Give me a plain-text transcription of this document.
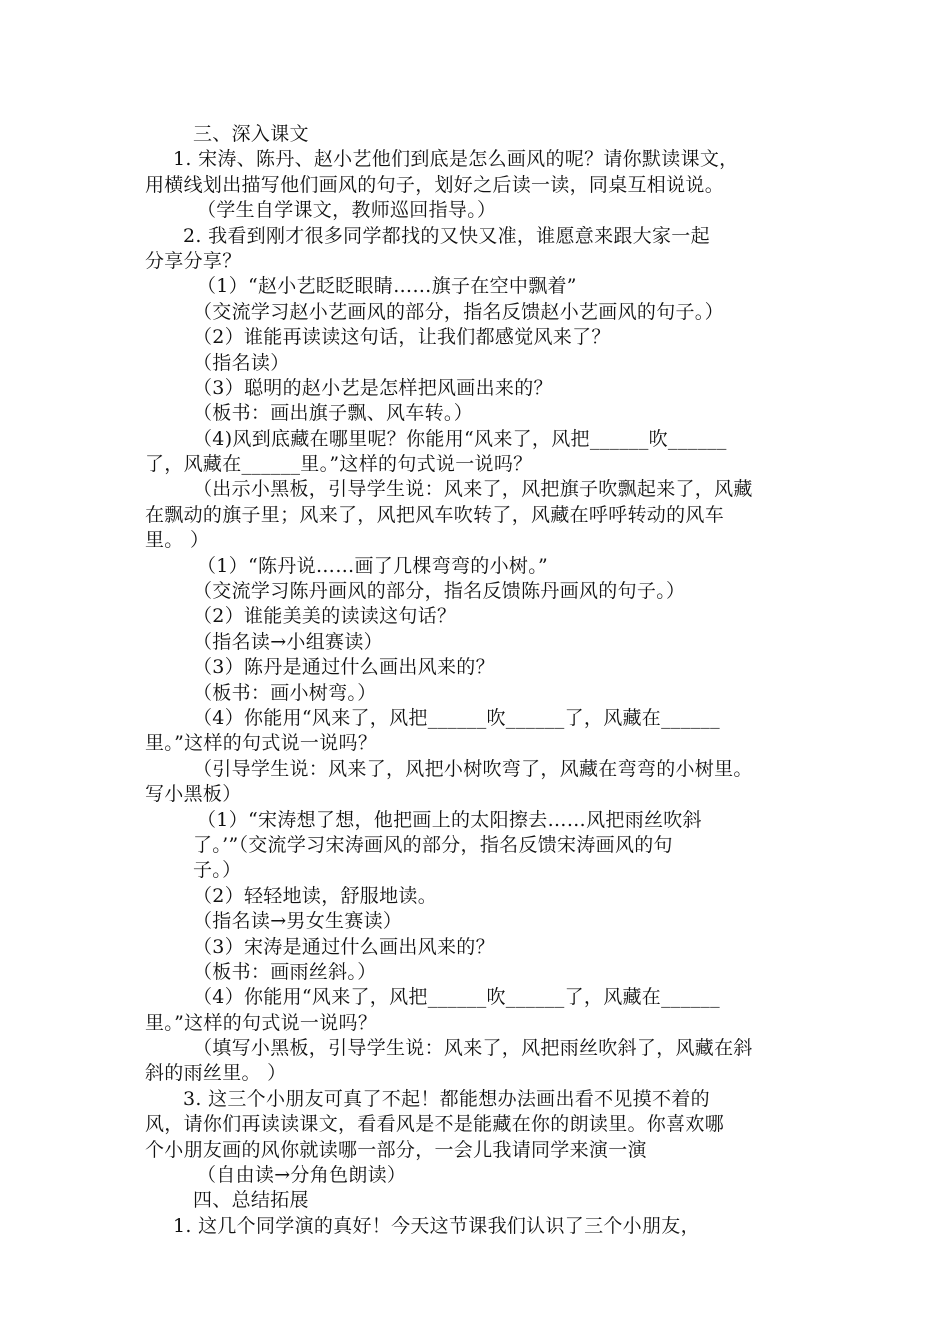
三、深入课文
1. 宋涛、陈丹、赵小艺他们到底是怎么画风的呢？请你默读课文，
用横线划出描写他们画风的句子，划好之后读一读，同桌互相说说。
（学生自学课文，教师巡回指导。）
2. 我看到刚才很多同学都找的又快又准，谁愿意来跟大家一起
分享分享？
（1）“赵小艺眨眨眼睛……旗子在空中飘着”
（交流学习赵小艺画风的部分，指名反馈赵小艺画风的句子。）
（2）谁能再读读这句话，让我们都感觉风来了？
（指名读）
（3）聪明的赵小艺是怎样把风画出来的？
（板书：画出旗子飘、风车转。）
（4)风到底藏在哪里呢？你能用“风来了，风把______吹______
了，风藏在______里。”这样的句式说一说吗？
（出示小黑板，引导学生说：风来了，风把旗子吹飘起来了，风藏
在飘动的旗子里；风来了，风把风车吹转了，风藏在呼呼转动的风车
里。 ）
（1）“陈丹说……画了几棵弯弯的小树。”
（交流学习陈丹画风的部分，指名反馈陈丹画风的句子。）
（2）谁能美美的读读这句话？
（指名读→小组赛读）
（3）陈丹是通过什么画出风来的？
（板书：画小树弯。）
（4）你能用“风来了，风把______吹______了，风藏在______
里。”这样的句式说一说吗？
（引导学生说：风来了，风把小树吹弯了，风藏在弯弯的小树里。
写小黑板）
（1）“宋涛想了想，他把画上的太阳擦去……风把雨丝吹斜
了。’”（交流学习宋涛画风的部分，指名反馈宋涛画风的句
子。）
（2）轻轻地读，舒服地读。
（指名读→男女生赛读）
（3）宋涛是通过什么画出风来的？
（板书：画雨丝斜。）
（4）你能用“风来了，风把______吹______了，风藏在______
里。”这样的句式说一说吗？
（填写小黑板，引导学生说：风来了，风把雨丝吹斜了，风藏在斜
斜的雨丝里。 ）
3. 这三个小朋友可真了不起！都能想办法画出看不见摸不着的
风，请你们再读读课文，看看风是不是能藏在你的朗读里。你喜欢哪
个小朋友画的风你就读哪一部分，一会儿我请同学来演一演
（自由读→分角色朗读）
四、总结拓展
1. 这几个同学演的真好！今天这节课我们认识了三个小朋友，
